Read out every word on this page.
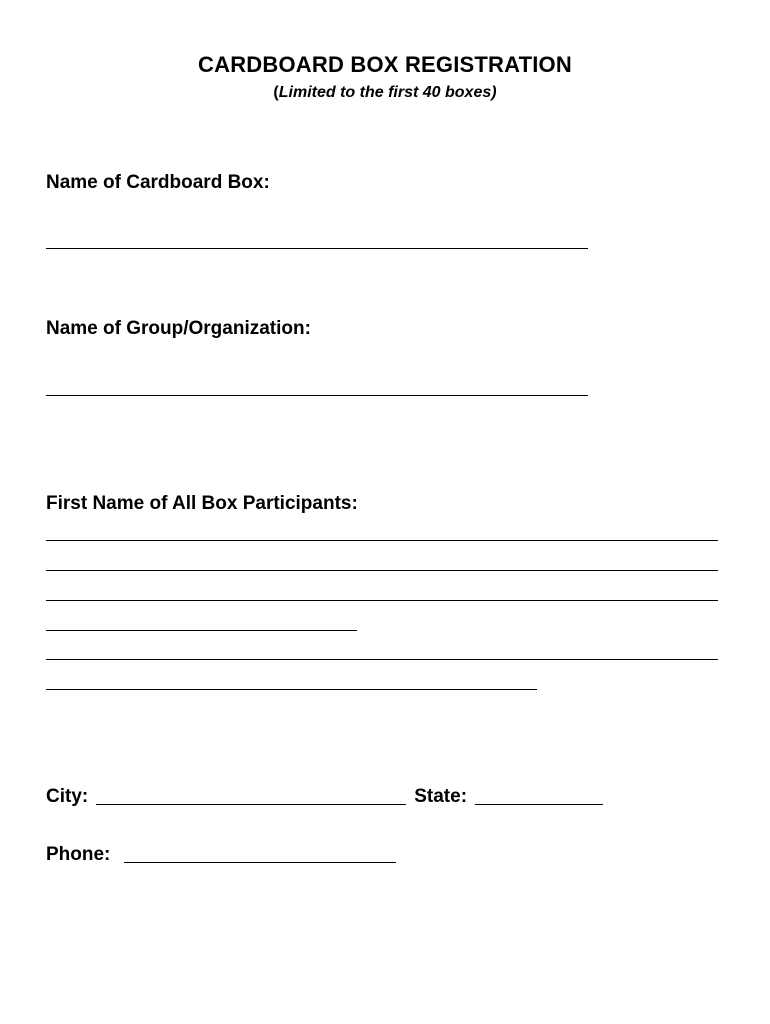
CARDBOARD BOX REGISTRATION
(Limited to the first 40 boxes)
Name of Cardboard Box:
Name of Group/Organization:
First Name of All Box Participants:
City:	State:
Phone:
